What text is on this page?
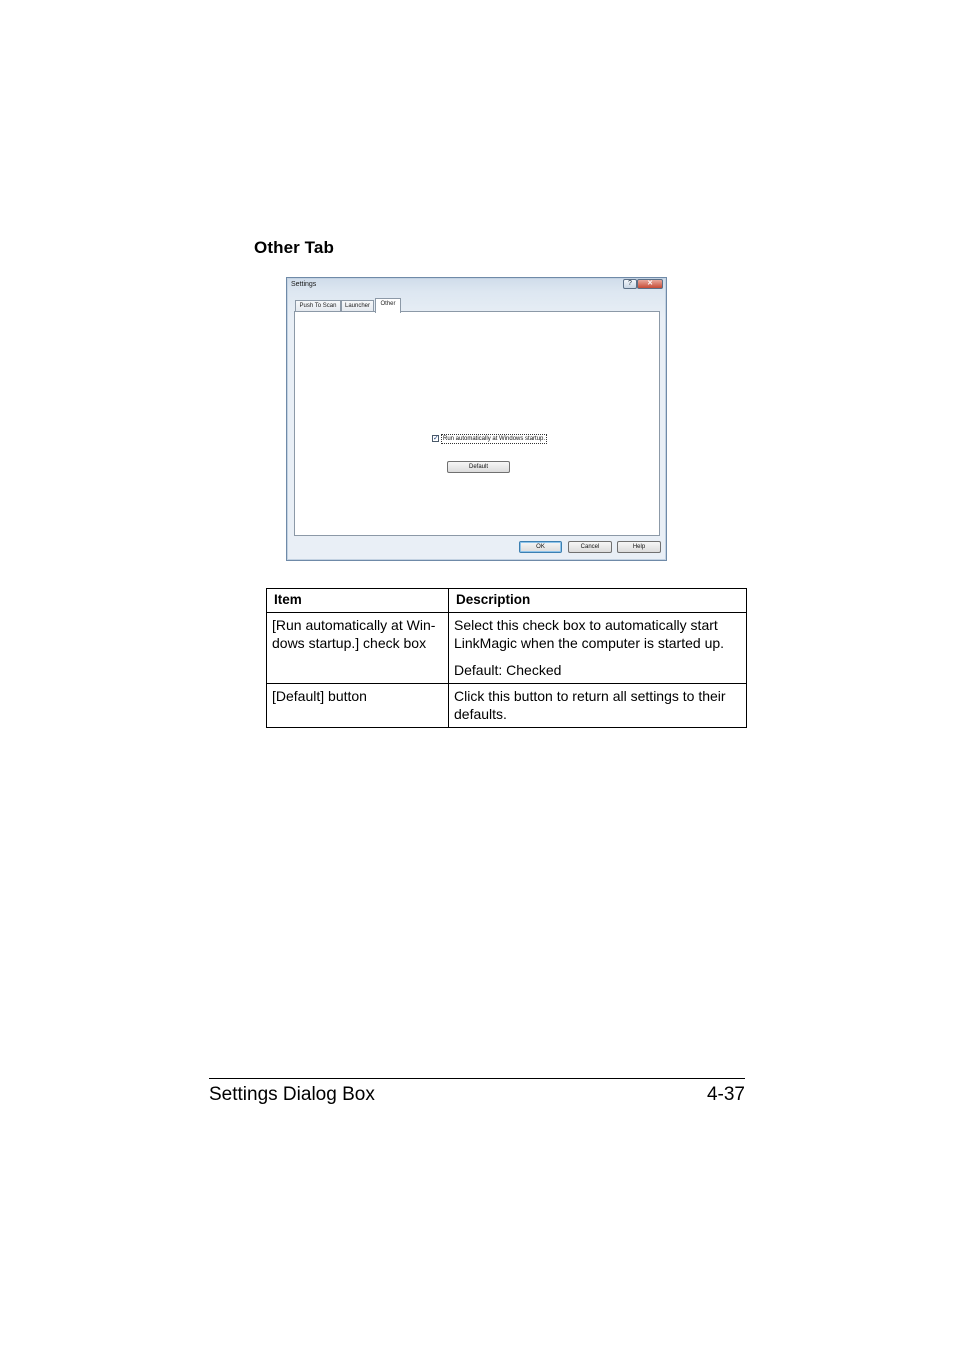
Other Tab
Settings	?	✕
Push To Scan	Launcher	Other
✓ Run automatically at Windows startup.
Default
OK	Cancel	Help
Item	Description
[Run automatically at Win-dows startup.] check box	Select this check box to automatically start LinkMagic when the computer is started up.

Default: Checked

[Default] button	Click this button to return all settings to their defaults.

Settings Dialog Box	4-37
